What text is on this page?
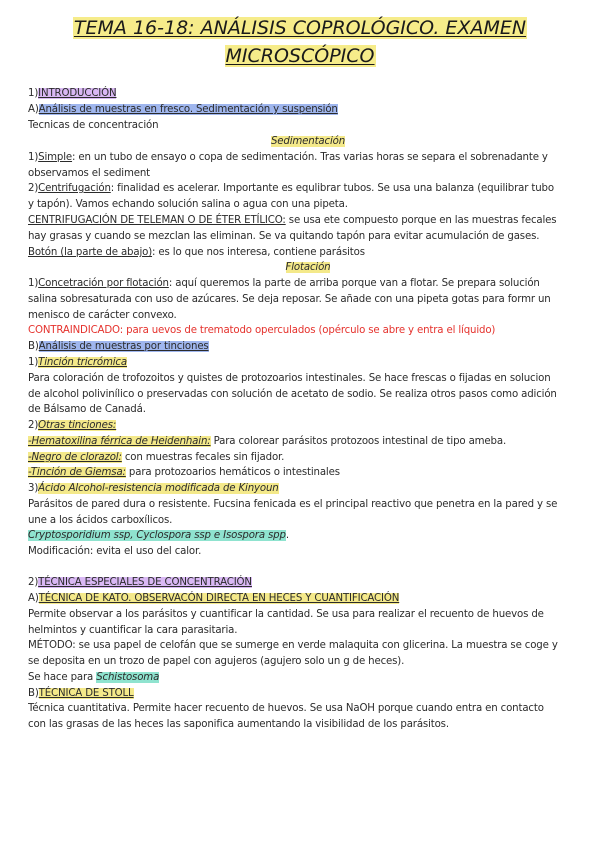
TEMA 16-18: ANÁLISIS COPROLÓGICO. EXAMEN
MICROSCÓPICO
1)INTRODUCCIÓN
A)Análisis de muestras en fresco. Sedimentación y suspensión
Tecnicas de concentración
Sedimentación
1)Simple: en un tubo de ensayo o copa de sedimentación. Tras varias horas se separa el sobrenadante y
observamos el sediment
2)Centrifugación: finalidad es acelerar. Importante es equlibrar tubos. Se usa una balanza (equilibrar tubo
y tapón). Vamos echando solución salina o agua con una pipeta.
CENTRIFUGACIÓN DE TELEMAN O DE ÉTER ETÍLICO: se usa ete compuesto porque en las muestras fecales
hay grasas y cuando se mezclan las eliminan. Se va quitando tapón para evitar acumulación de gases.
Botón (la parte de abajo): es lo que nos interesa, contiene parásitos
Flotación
1)Concetración por flotación: aquí queremos la parte de arriba porque van a flotar. Se prepara solución
salina sobresaturada con uso de azúcares. Se deja reposar. Se añade con una pipeta gotas para formr un
menisco de carácter convexo.
CONTRAINDICADO: para uevos de trematodo operculados (opérculo se abre y entra el líquido)
B)Análisis de muestras por tinciones
1)Tinción tricrómica
Para coloración de trofozoitos y quistes de protozoarios intestinales. Se hace frescas o fijadas en solucion
de alcohol polivinílico o preservadas con solución de acetato de sodio. Se realiza otros pasos como adición
de Bálsamo de Canadá.
2)Otras tinciones:
-Hematoxilina férrica de Heidenhain: Para colorear parásitos protozoos intestinal de tipo ameba.
-Negro de clorazol: con muestras fecales sin fijador.
-Tinción de Giemsa: para protozoarios hemáticos o intestinales
3)Ácido Alcohol-resistencia modificada de Kinyoun
Parásitos de pared dura o resistente. Fucsina fenicada es el principal reactivo que penetra en la pared y se
une a los ácidos carboxílicos.
Cryptosporidium ssp, Cyclospora ssp e Isospora spp.
Modificación: evita el uso del calor.
2)TÉCNICA ESPECIALES DE CONCENTRACIÓN
A)TÉCNICA DE KATO. OBSERVACÓN DIRECTA EN HECES Y CUANTIFICACIÓN
Permite observar a los parásitos y cuantificar la cantidad. Se usa para realizar el recuento de huevos de
helmintos y cuantificar la cara parasitaria.
MÉTODO: se usa papel de celofán que se sumerge en verde malaquita con glicerina. La muestra se coge y
se deposita en un trozo de papel con agujeros (agujero solo un g de heces).
Se hace para Schistosoma
B)TÉCNICA DE STOLL
Técnica cuantitativa. Permite hacer recuento de huevos. Se usa NaOH porque cuando entra en contacto
con las grasas de las heces las saponifica aumentando la visibilidad de los parásitos.
